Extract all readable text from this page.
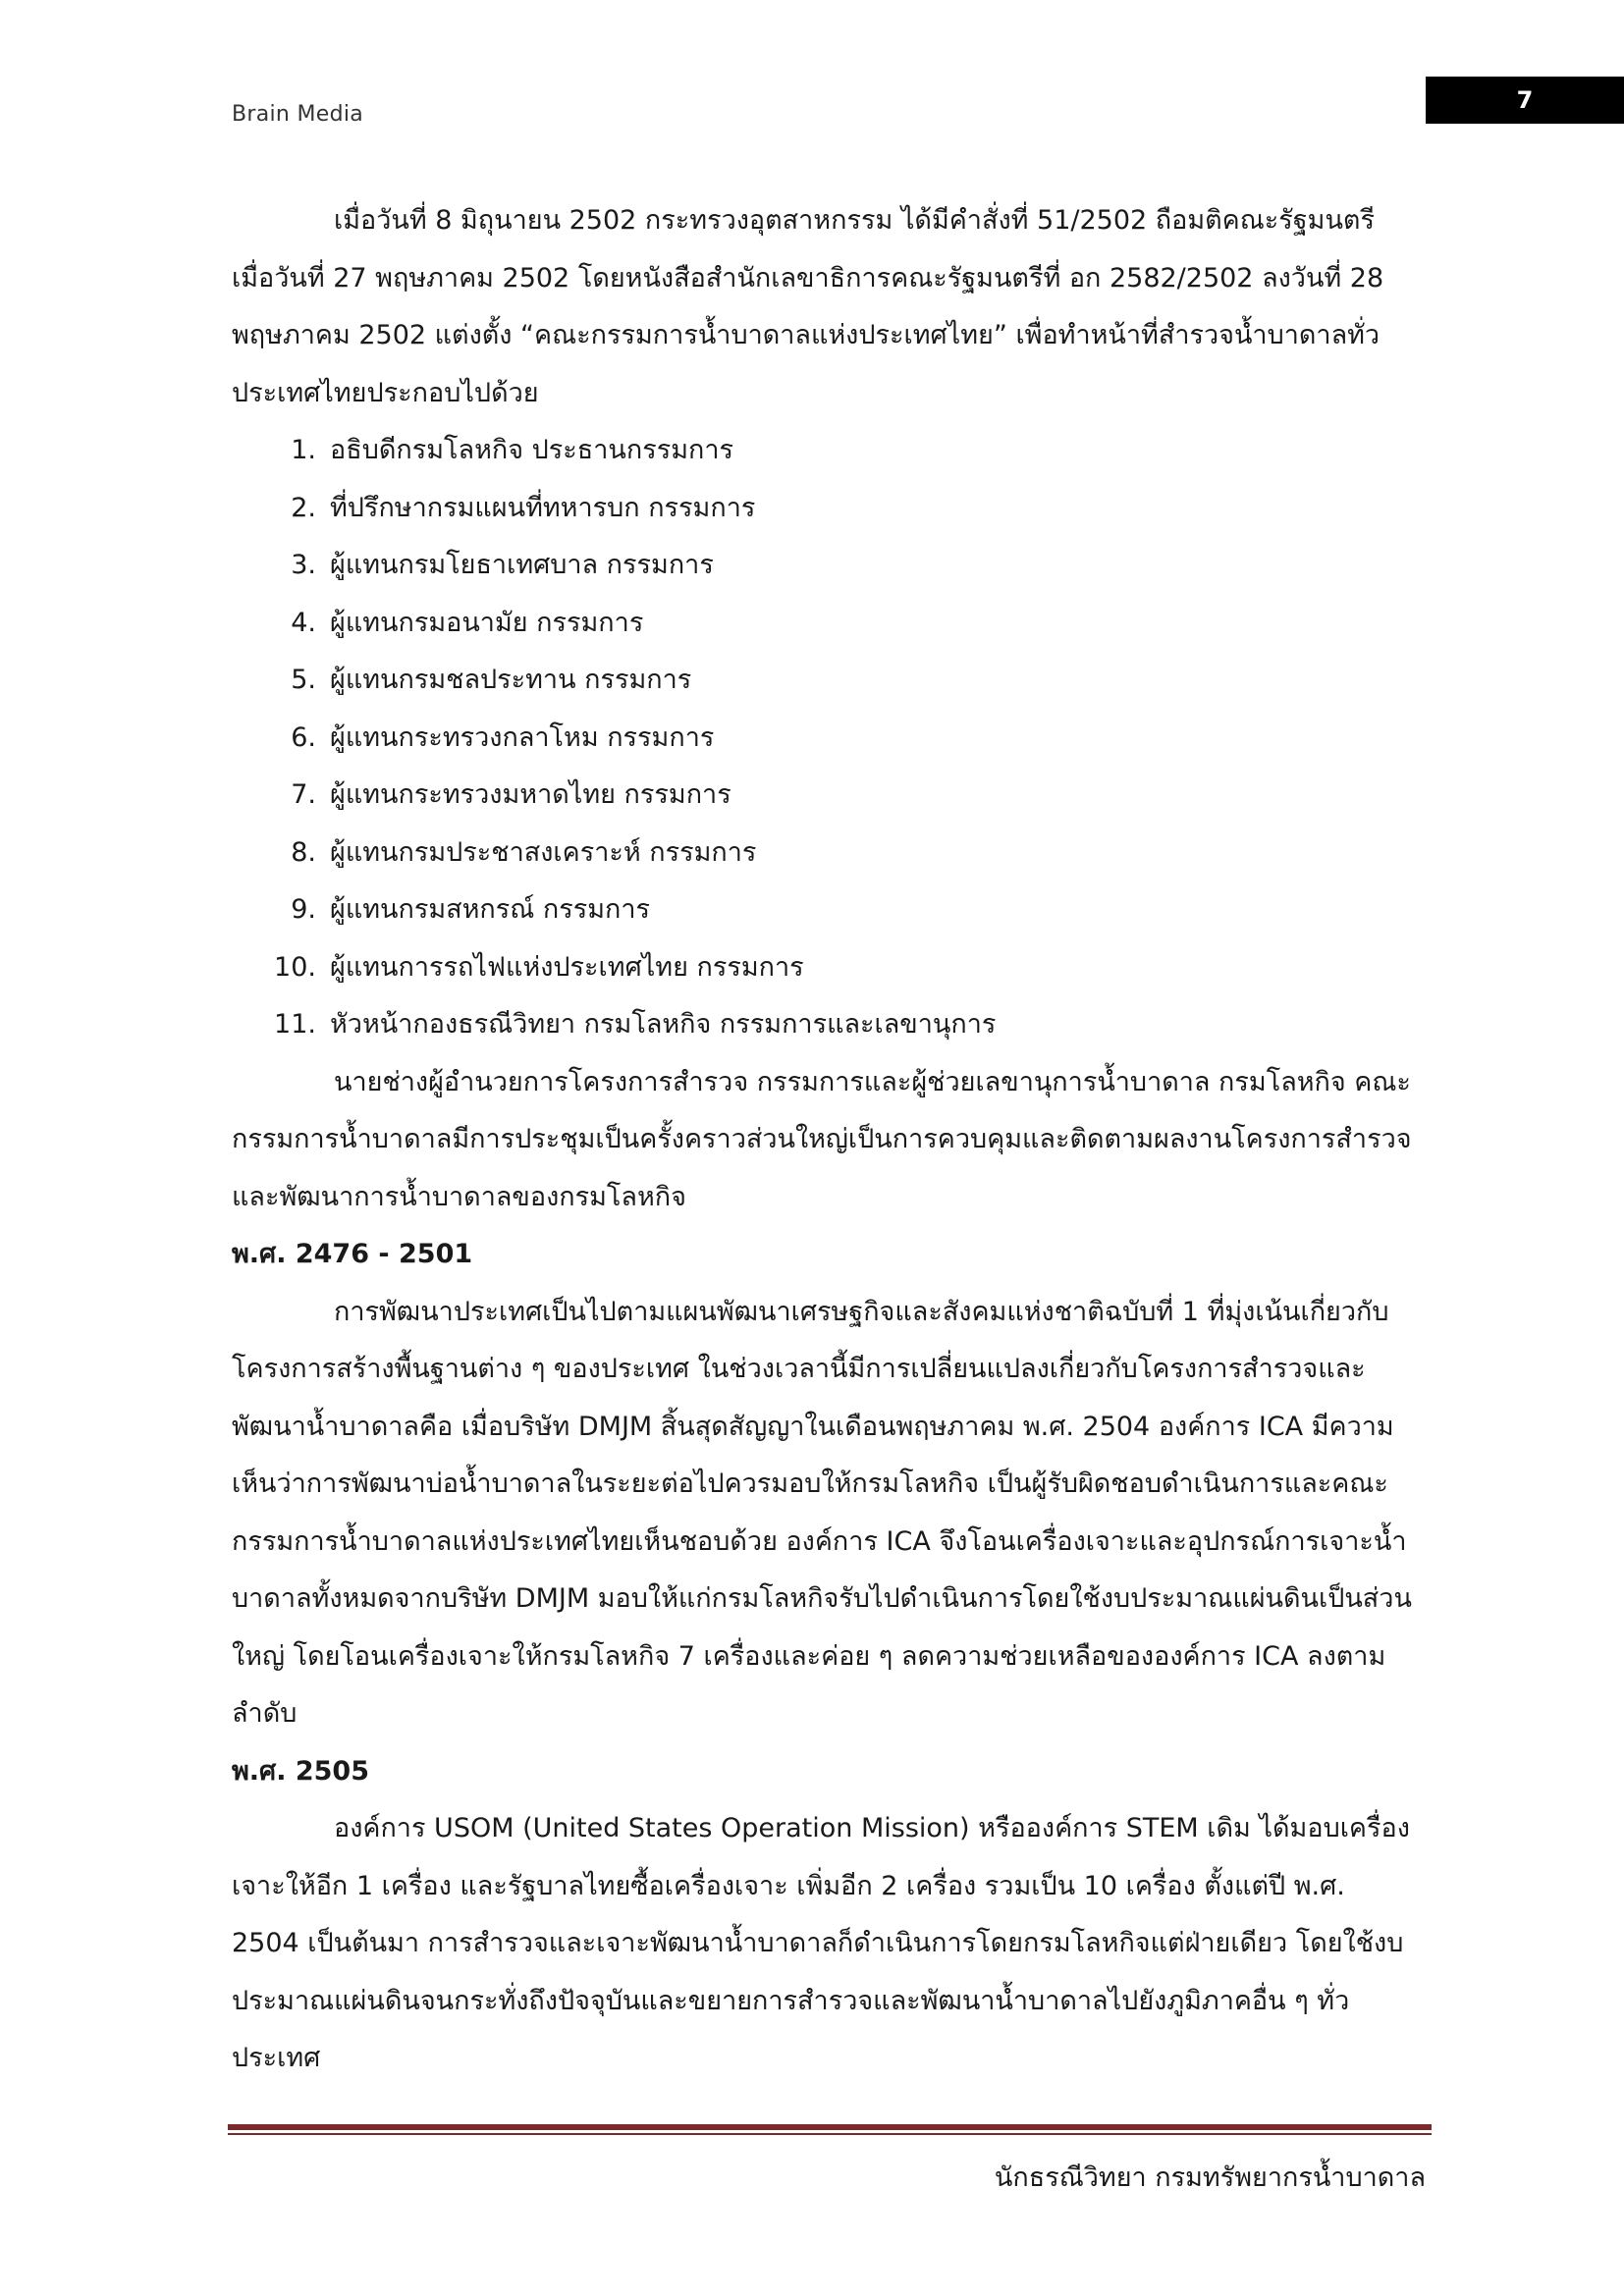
Brain Media
7

เมื่อวันที่ 8 มิถุนายน 2502 กระทรวงอุตสาหกรรม ได้มีคำสั่งที่ 51/2502 ถือมติคณะรัฐมนตรี เมื่อวันที่ 27 พฤษภาคม 2502 โดยหนังสือสำนักเลขาธิการคณะรัฐมนตรีที่ อก 2582/2502 ลงวันที่ 28 พฤษภาคม 2502 แต่งตั้ง “คณะกรรมการน้ำบาดาลแห่งประเทศไทย” เพื่อทำหน้าที่สำรวจน้ำบาดาลทั่วประเทศไทยประกอบไปด้วย

1. อธิบดีกรมโลหกิจ ประธานกรรมการ
2. ที่ปรึกษากรมแผนที่ทหารบก กรรมการ
3. ผู้แทนกรมโยธาเทศบาล กรรมการ
4. ผู้แทนกรมอนามัย กรรมการ
5. ผู้แทนกรมชลประทาน กรรมการ
6. ผู้แทนกระทรวงกลาโหม กรรมการ
7. ผู้แทนกระทรวงมหาดไทย กรรมการ
8. ผู้แทนกรมประชาสงเคราะห์ กรรมการ
9. ผู้แทนกรมสหกรณ์ กรรมการ
10. ผู้แทนการรถไฟแห่งประเทศไทย กรรมการ
11. หัวหน้ากองธรณีวิทยา กรมโลหกิจ กรรมการและเลขานุการ

นายช่างผู้อำนวยการโครงการสำรวจ กรรมการและผู้ช่วยเลขานุการน้ำบาดาล กรมโลหกิจ คณะกรรมการน้ำบาดาลมีการประชุมเป็นครั้งคราวส่วนใหญ่เป็นการควบคุมและติดตามผลงานโครงการสำรวจ และพัฒนาการน้ำบาดาลของกรมโลหกิจ

พ.ศ. 2476 - 2501

การพัฒนาประเทศเป็นไปตามแผนพัฒนาเศรษฐกิจและสังคมแห่งชาติฉบับที่ 1 ที่มุ่งเน้นเกี่ยวกับโครงการสร้างพื้นฐานต่าง ๆ ของประเทศ ในช่วงเวลานี้มีการเปลี่ยนแปลงเกี่ยวกับโครงการสำรวจและพัฒนาน้ำบาดาลคือ เมื่อบริษัท DMJM สิ้นสุดสัญญาในเดือนพฤษภาคม พ.ศ. 2504 องค์การ ICA มีความเห็นว่าการพัฒนาบ่อน้ำบาดาลในระยะต่อไปควรมอบให้กรมโลหกิจ เป็นผู้รับผิดชอบดำเนินการและคณะกรรมการน้ำบาดาลแห่งประเทศไทยเห็นชอบด้วย องค์การ ICA จึงโอนเครื่องเจาะและอุปกรณ์การเจาะน้ำบาดาลทั้งหมดจากบริษัท DMJM มอบให้แก่กรมโลหกิจรับไปดำเนินการโดยใช้งบประมาณแผ่นดินเป็นส่วนใหญ่ โดยโอนเครื่องเจาะให้กรมโลหกิจ 7 เครื่องและค่อย ๆ ลดความช่วยเหลือขององค์การ ICA ลงตามลำดับ

พ.ศ. 2505

องค์การ USOM (United States Operation Mission) หรือองค์การ STEM เดิม ได้มอบเครื่องเจาะให้อีก 1 เครื่อง และรัฐบาลไทยซื้อเครื่องเจาะ เพิ่มอีก 2 เครื่อง รวมเป็น 10 เครื่อง ตั้งแต่ปี พ.ศ. 2504 เป็นต้นมา การสำรวจและเจาะพัฒนาน้ำบาดาลก็ดำเนินการโดยกรมโลหกิจแต่ฝ่ายเดียว โดยใช้งบประมาณแผ่นดินจนกระทั่งถึงปัจจุบันและขยายการสำรวจและพัฒนาน้ำบาดาลไปยังภูมิภาคอื่น ๆ ทั่วประเทศ

นักธรณีวิทยา กรมทรัพยากรน้ำบาดาล
